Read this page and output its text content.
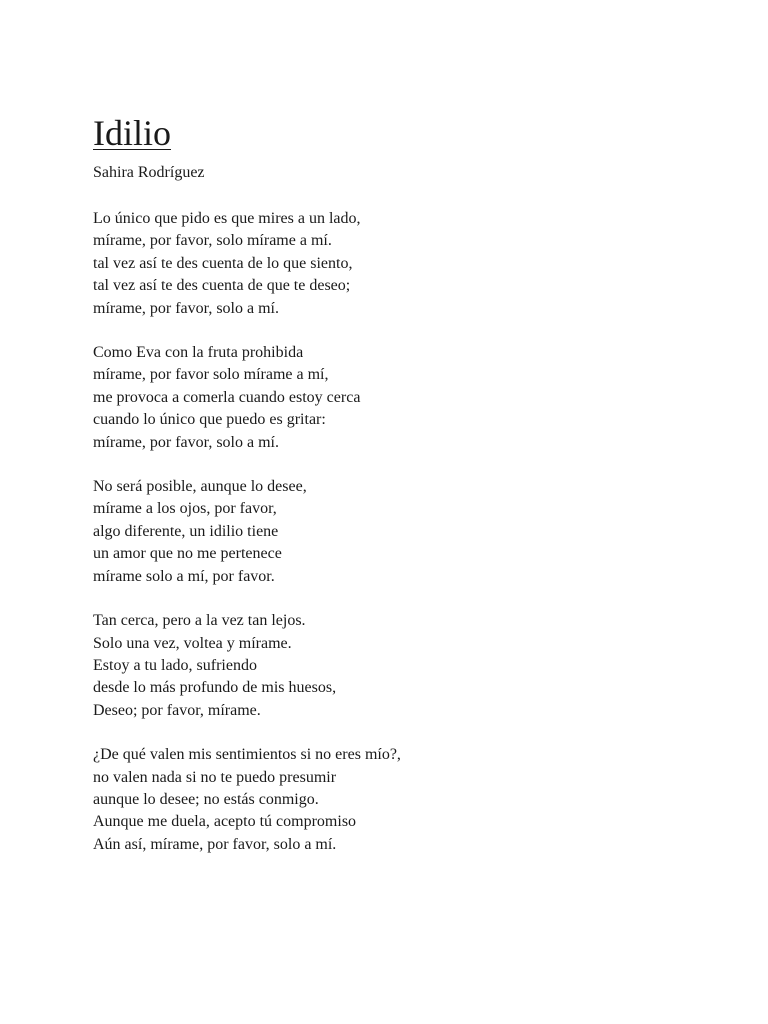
Idilio
Sahira Rodríguez
Lo único que pido es que mires a un lado,
mírame, por favor, solo mírame a mí.
tal vez así te des cuenta de lo que siento,
tal vez así te des cuenta de que te deseo;
mírame, por favor, solo a mí.
Como Eva con la fruta prohibida
mírame, por favor solo mírame a mí,
me provoca a comerla cuando estoy cerca
cuando lo único que puedo es gritar:
mírame, por favor, solo a mí.
No será posible, aunque lo desee,
mírame a los ojos, por favor,
algo diferente, un idilio tiene
un amor que no me pertenece
mírame solo a mí, por favor.
Tan cerca, pero a la vez tan lejos.
Solo una vez, voltea y mírame.
Estoy a tu lado, sufriendo
desde lo más profundo de mis huesos,
Deseo; por favor, mírame.
¿De qué valen mis sentimientos si no eres mío?,
no valen nada si no te puedo presumir
aunque lo desee; no estás conmigo.
Aunque me duela, acepto tú compromiso
Aún así, mírame, por favor, solo a mí.
